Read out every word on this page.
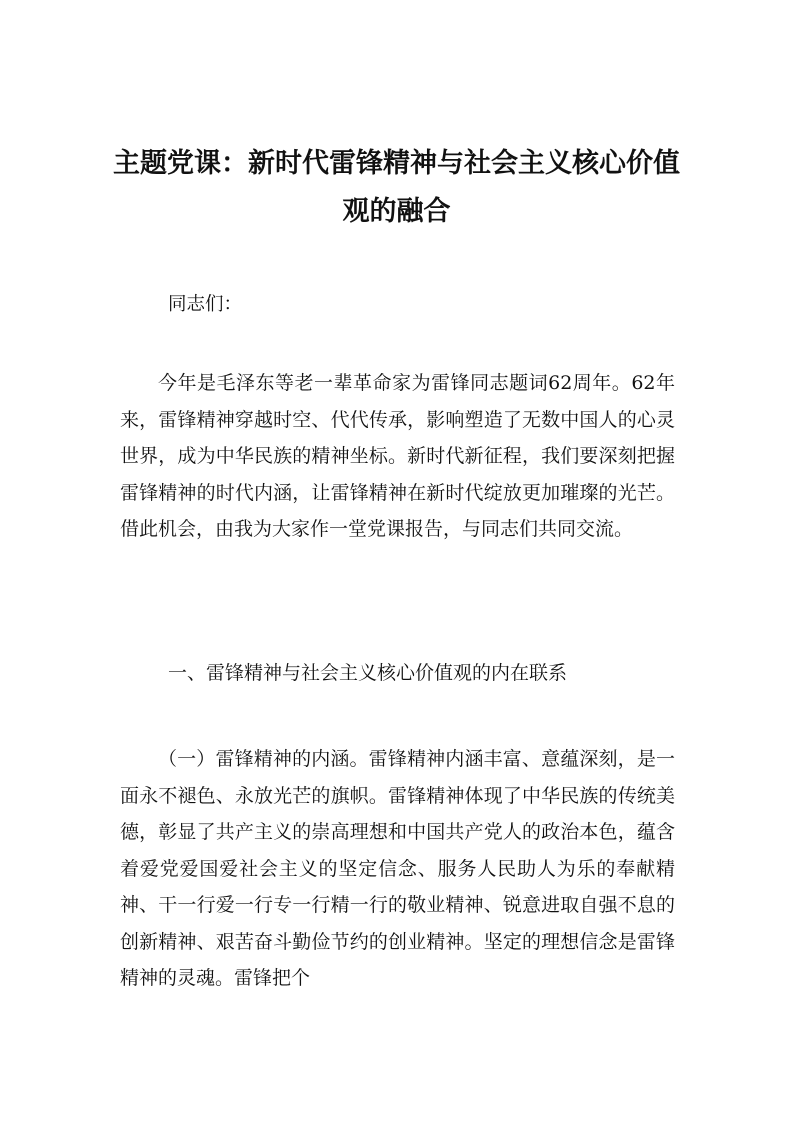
主题党课：新时代雷锋精神与社会主义核心价值观的融合
同志们：

今年是毛泽东等老一辈革命家为雷锋同志题词62周年。62年来，雷锋精神穿越时空、代代传承，影响塑造了无数中国人的心灵世界，成为中华民族的精神坐标。新时代新征程，我们要深刻把握雷锋精神的时代内涵，让雷锋精神在新时代绽放更加璀璨的光芒。借此机会，由我为大家作一堂党课报告，与同志们共同交流。

一、雷锋精神与社会主义核心价值观的内在联系

（一）雷锋精神的内涵。雷锋精神内涵丰富、意蕴深刻，是一面永不褪色、永放光芒的旗帜。雷锋精神体现了中华民族的传统美德，彰显了共产主义的崇高理想和中国共产党人的政治本色，蕴含着爱党爱国爱社会主义的坚定信念、服务人民助人为乐的奉献精神、干一行爱一行专一行精一行的敬业精神、锐意进取自强不息的创新精神、艰苦奋斗勤俭节约的创业精神。坚定的理想信念是雷锋精神的灵魂。雷锋把个
